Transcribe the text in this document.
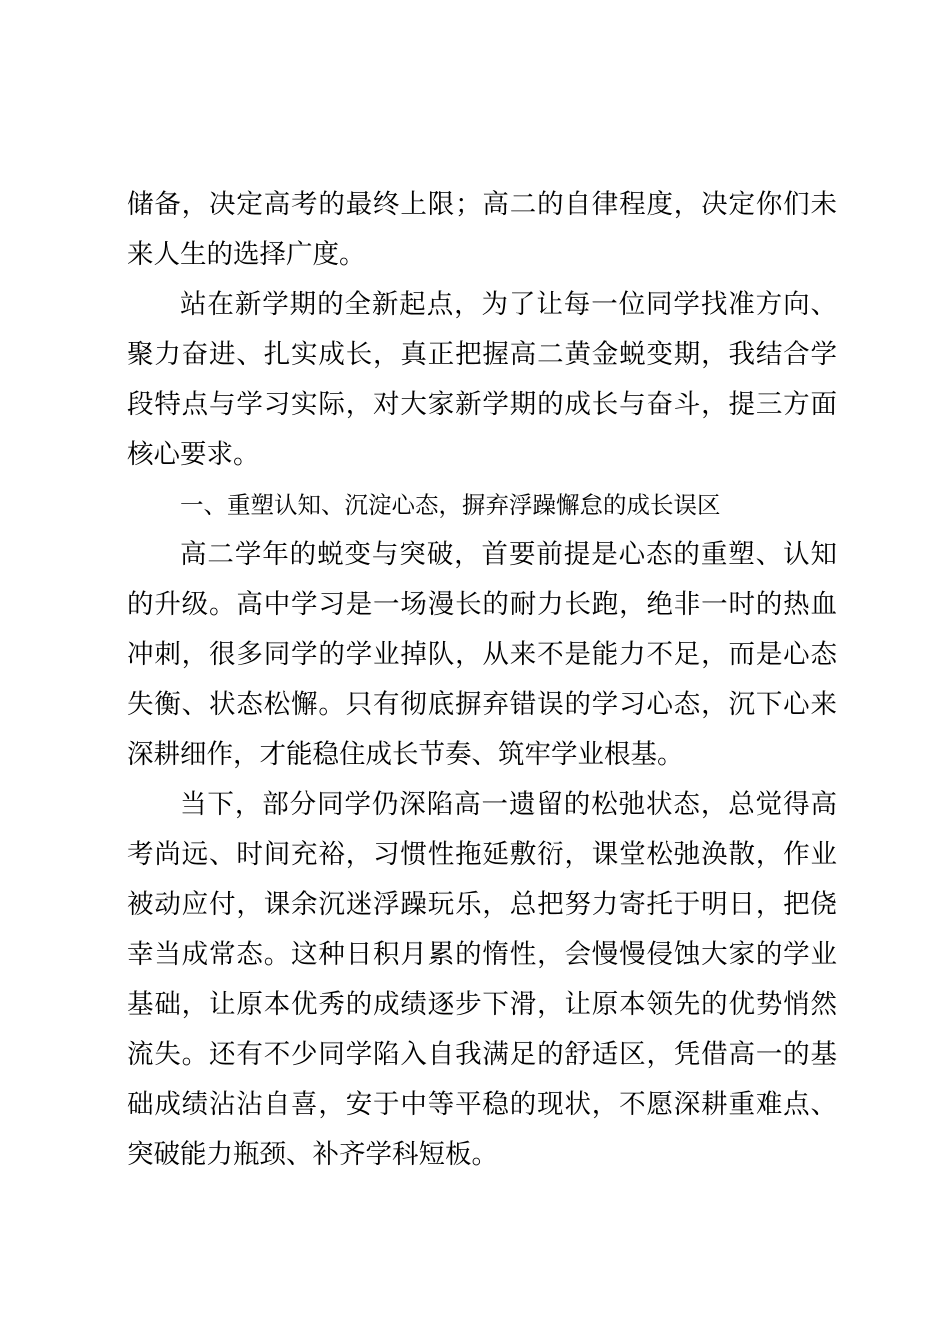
储备，决定高考的最终上限；高二的自律程度，决定你们未来人生的选择广度。

站在新学期的全新起点，为了让每一位同学找准方向、聚力奋进、扎实成长，真正把握高二黄金蜕变期，我结合学段特点与学习实际，对大家新学期的成长与奋斗，提三方面核心要求。

一、重塑认知、沉淀心态，摒弃浮躁懈怠的成长误区

高二学年的蜕变与突破，首要前提是心态的重塑、认知的升级。高中学习是一场漫长的耐力长跑，绝非一时的热血冲刺，很多同学的学业掉队，从来不是能力不足，而是心态失衡、状态松懈。只有彻底摒弃错误的学习心态，沉下心来深耕细作，才能稳住成长节奏、筑牢学业根基。

当下，部分同学仍深陷高一遗留的松弛状态，总觉得高考尚远、时间充裕，习惯性拖延敷衍，课堂松弛涣散，作业被动应付，课余沉迷浮躁玩乐，总把努力寄托于明日，把侥幸当成常态。这种日积月累的惰性，会慢慢侵蚀大家的学业基础，让原本优秀的成绩逐步下滑，让原本领先的优势悄然流失。还有不少同学陷入自我满足的舒适区，凭借高一的基础成绩沾沾自喜，安于中等平稳的现状，不愿深耕重难点、突破能力瓶颈、补齐学科短板。
